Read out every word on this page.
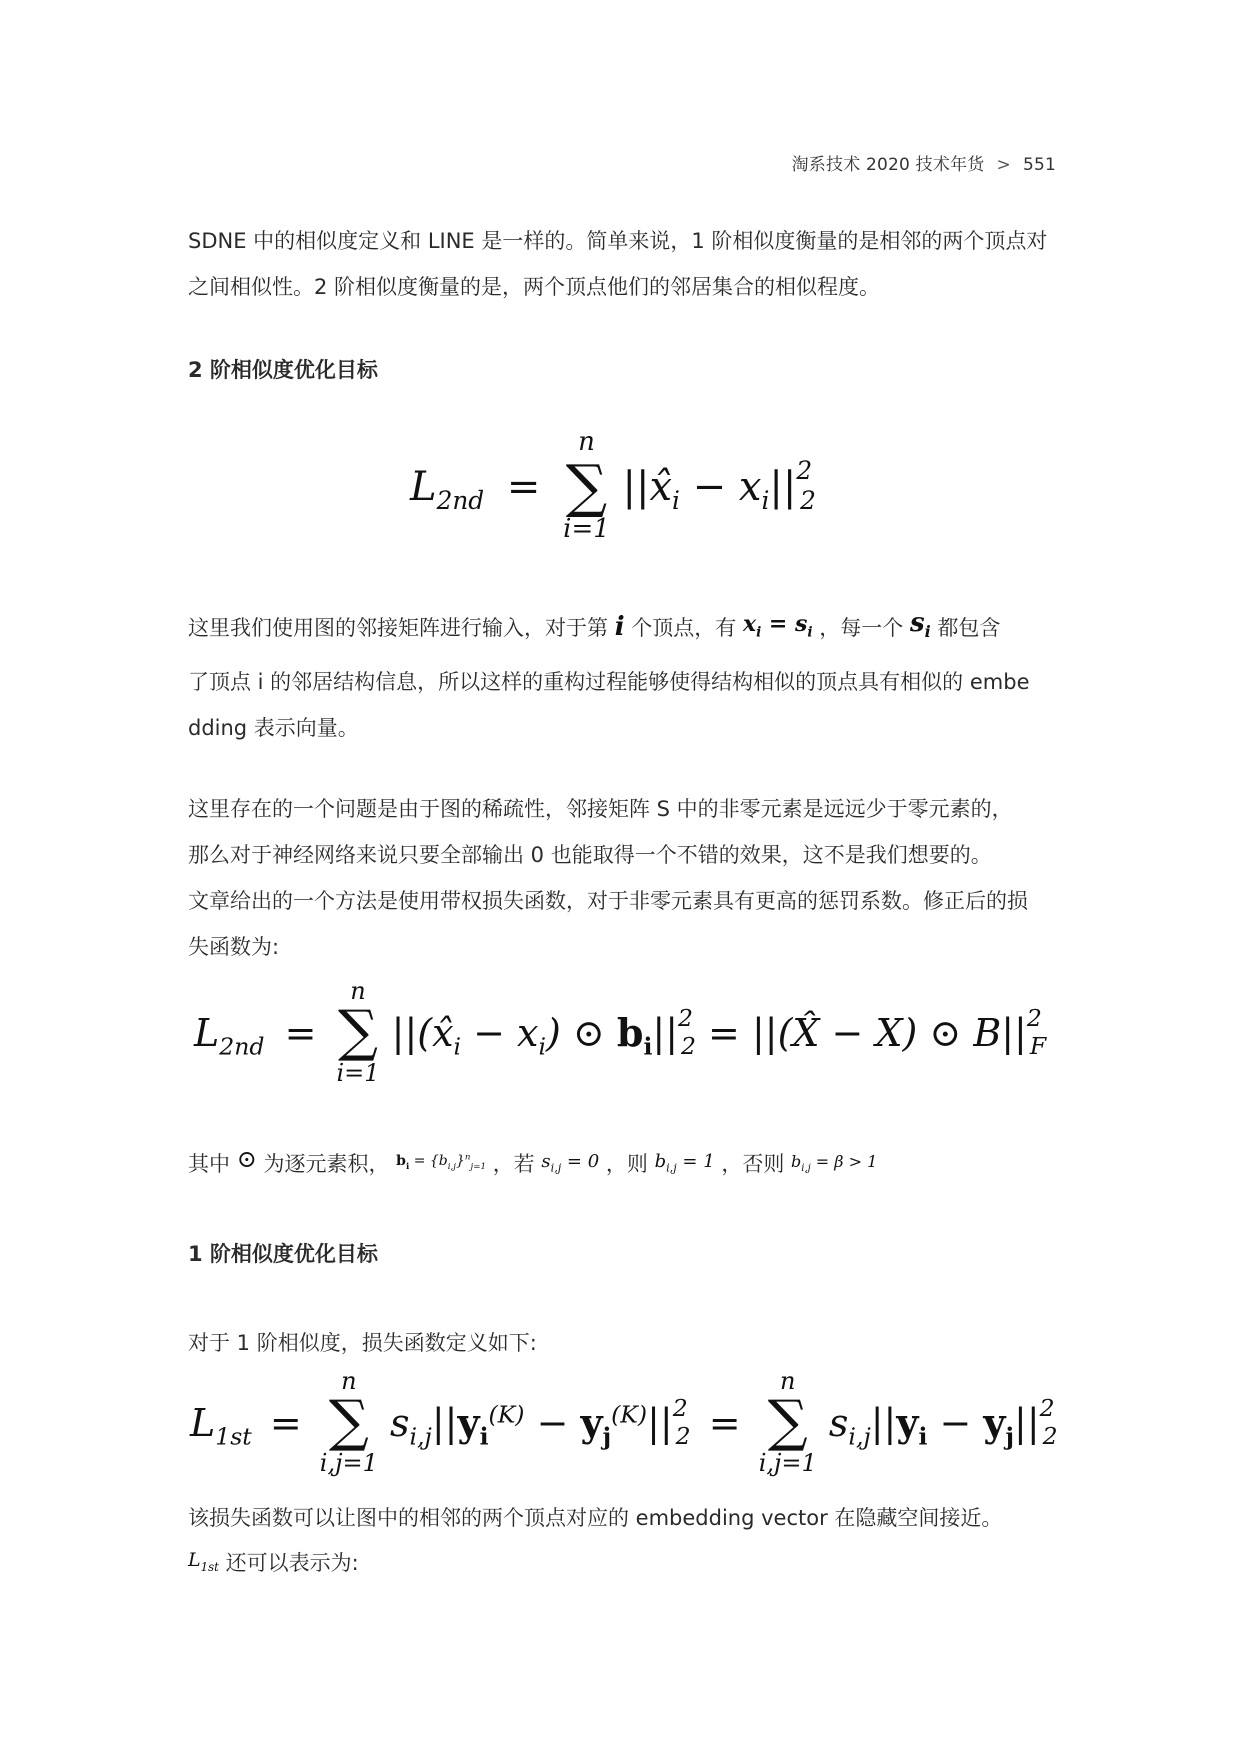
淘系技术 2020 技术年货 > 551
SDNE 中的相似度定义和 LINE 是一样的。简单来说，1 阶相似度衡量的是相邻的两个顶点对
之间相似性。2 阶相似度衡量的是，两个顶点他们的邻居集合的相似程度。
2 阶相似度优化目标
$L_{2nd}$ =
n
∑
i=1
$||x̂_i - x_i||^2_2$
这里我们使用图的邻接矩阵进行输入，对于第 i 个顶点，有 $x_i = s_i$ ，每一个 $s_i$ 都包含
了顶点 i 的邻居结构信息，所以这样的重构过程能够使得结构相似的顶点具有相似的 embe
dding 表示向量。
这里存在的一个问题是由于图的稀疏性，邻接矩阵 S 中的非零元素是远远少于零元素的，
那么对于神经网络来说只要全部输出 0 也能取得一个不错的效果，这不是我们想要的。
文章给出的一个方法是使用带权损失函数，对于非零元素具有更高的惩罚系数。修正后的损
失函数为:
$L_{2nd}$ =
n
∑
i=1
$||(x̂_i - x_i)$ ⊙ $b_i||^2_2$ = ||(X̂ − X) ⊙ $B||^2_F$
其中 ⊙ 为逐元素积， $^{b_i = \{b_{i,j}\}^n_{j=1}}$ ，若 $s_{i,j} = 0$ ，则 $b_{i,j} = 1$ ，否则 $b_{i,j} = \beta > 1$
1 阶相似度优化目标
对于 1 阶相似度，损失函数定义如下:
$L_{1st}$ =
n
∑
i,j=1
$s_{i,j}||y_i^{(K)} - y_j^{(K)}||^2_2$ =
n
∑
i,j=1
$s_{i,j}||y_i - y_j||^2_2$
该损失函数可以让图中的相邻的两个顶点对应的 embedding vector 在隐藏空间接近。
$L_{1st}$ 还可以表示为:
